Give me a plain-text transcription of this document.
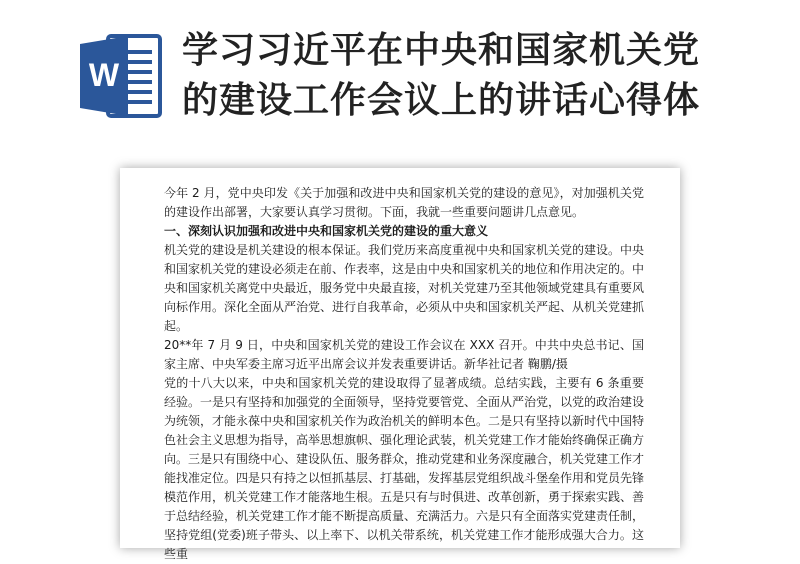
W
学习习近平在中央和国家机关党
的建设工作会议上的讲话心得体

今年 2 月，党中央印发《关于加强和改进中央和国家机关党的建设的意见》，对加强机关党的建设作出部署，大家要认真学习贯彻。下面，我就一些重要问题讲几点意见。

一、深刻认识加强和改进中央和国家机关党的建设的重大意义

机关党的建设是机关建设的根本保证。我们党历来高度重视中央和国家机关党的建设。中央和国家机关党的建设必须走在前、作表率，这是由中央和国家机关的地位和作用决定的。中央和国家机关离党中央最近，服务党中央最直接，对机关党建乃至其他领域党建具有重要风向标作用。深化全面从严治党、进行自我革命，必须从中央和国家机关严起、从机关党建抓起。

20**年 7 月 9 日，中央和国家机关党的建设工作会议在 XXX 召开。中共中央总书记、国家主席、中央军委主席习近平出席会议并发表重要讲话。新华社记者 鞠鹏/摄

党的十八大以来，中央和国家机关党的建设取得了显著成绩。总结实践，主要有 6 条重要经验。一是只有坚持和加强党的全面领导，坚持党要管党、全面从严治党，以党的政治建设为统领，才能永葆中央和国家机关作为政治机关的鲜明本色。二是只有坚持以新时代中国特色社会主义思想为指导，高举思想旗帜、强化理论武装，机关党建工作才能始终确保正确方向。三是只有围绕中心、建设队伍、服务群众，推动党建和业务深度融合，机关党建工作才能找准定位。四是只有持之以恒抓基层、打基础，发挥基层党组织战斗堡垒作用和党员先锋模范作用，机关党建工作才能落地生根。五是只有与时俱进、改革创新，勇于探索实践、善于总结经验，机关党建工作才能不断提高质量、充满活力。六是只有全面落实党建责任制，坚持党组(党委)班子带头、以上率下、以机关带系统，机关党建工作才能形成强大合力。这些重
